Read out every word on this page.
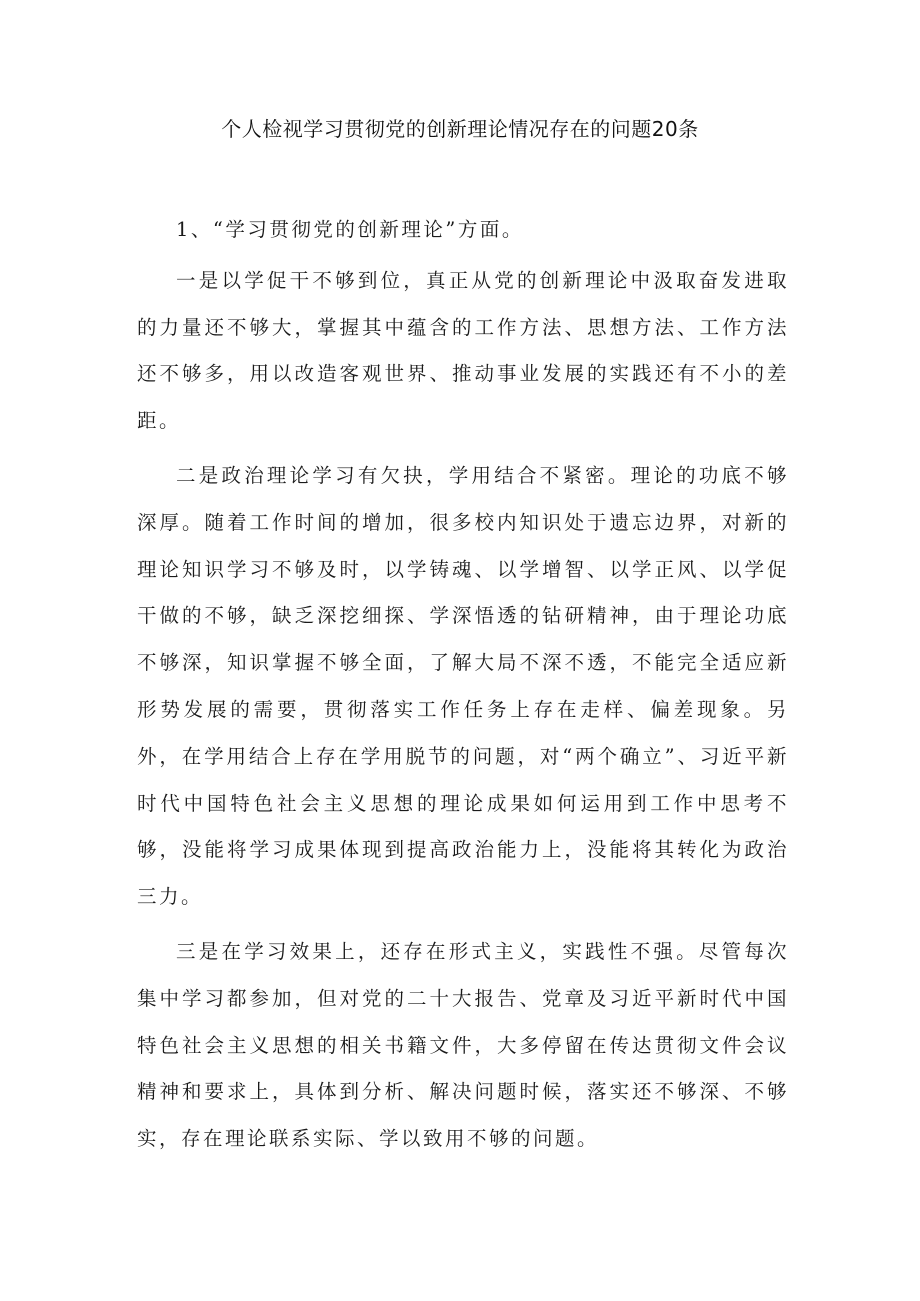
个人检视学习贯彻党的创新理论情况存在的问题20条

1、“学习贯彻党的创新理论”方面。

一是以学促干不够到位，真正从党的创新理论中汲取奋发进取的力量还不够大，掌握其中蕴含的工作方法、思想方法、工作方法还不够多，用以改造客观世界、推动事业发展的实践还有不小的差距。

二是政治理论学习有欠抉，学用结合不紧密。理论的功底不够深厚。随着工作时间的增加，很多校内知识处于遗忘边界，对新的理论知识学习不够及时，以学铸魂、以学增智、以学正风、以学促干做的不够，缺乏深挖细探、学深悟透的钻研精神，由于理论功底不够深，知识掌握不够全面，了解大局不深不透，不能完全适应新形势发展的需要，贯彻落实工作任务上存在走样、偏差现象。另外，在学用结合上存在学用脱节的问题，对“两个确立”、习近平新时代中国特色社会主义思想的理论成果如何运用到工作中思考不够，没能将学习成果体现到提高政治能力上，没能将其转化为政治三力。

三是在学习效果上，还存在形式主义，实践性不强。尽管每次集中学习都参加，但对党的二十大报告、党章及习近平新时代中国特色社会主义思想的相关书籍文件，大多停留在传达贯彻文件会议精神和要求上，具体到分析、解决问题时候，落实还不够深、不够实，存在理论联系实际、学以致用不够的问题。
